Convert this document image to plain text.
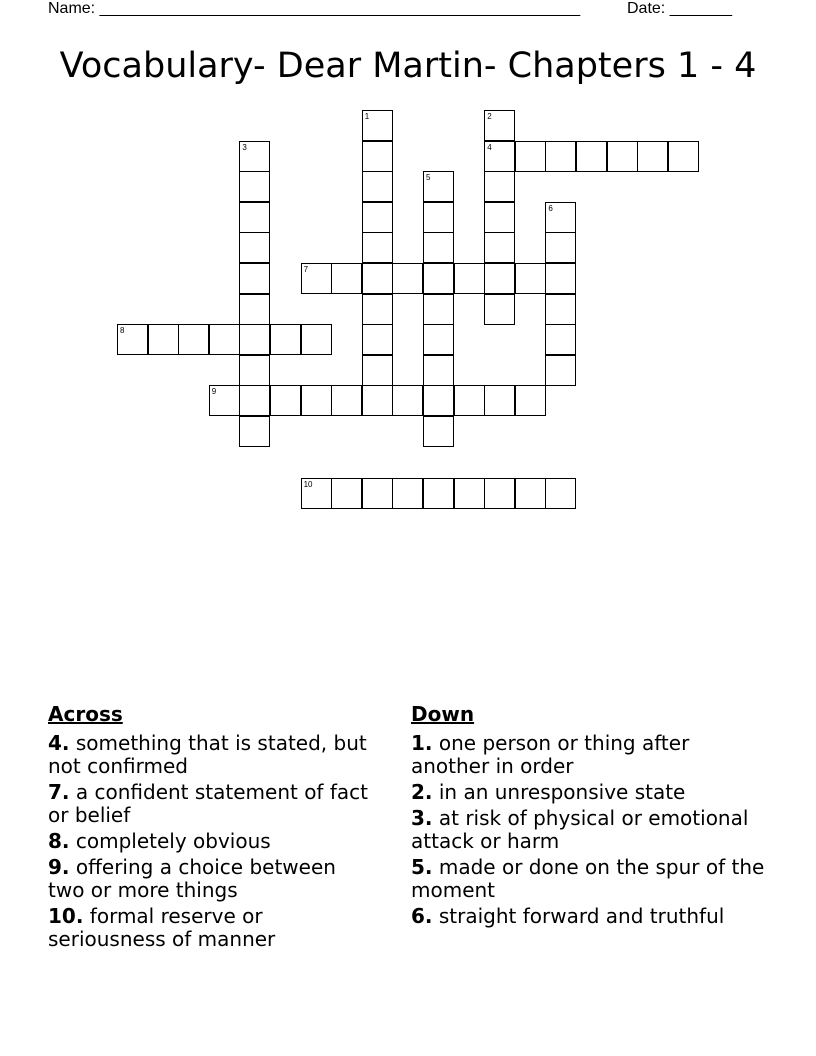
Name: ______________________________________________________	Date: _______
Vocabulary- Dear Martin- Chapters 1 - 4
1	2
4
3
5
6
7
8
9
10
Across
4. something that is stated, but not confirmed
7. a confident statement of fact or belief
8. completely obvious
9. offering a choice between two or more things
10. formal reserve or seriousness of manner
Down
1. one person or thing after another in order
2. in an unresponsive state
3. at risk of physical or emotional attack or harm
5. made or done on the spur of the moment
6. straight forward and truthful
